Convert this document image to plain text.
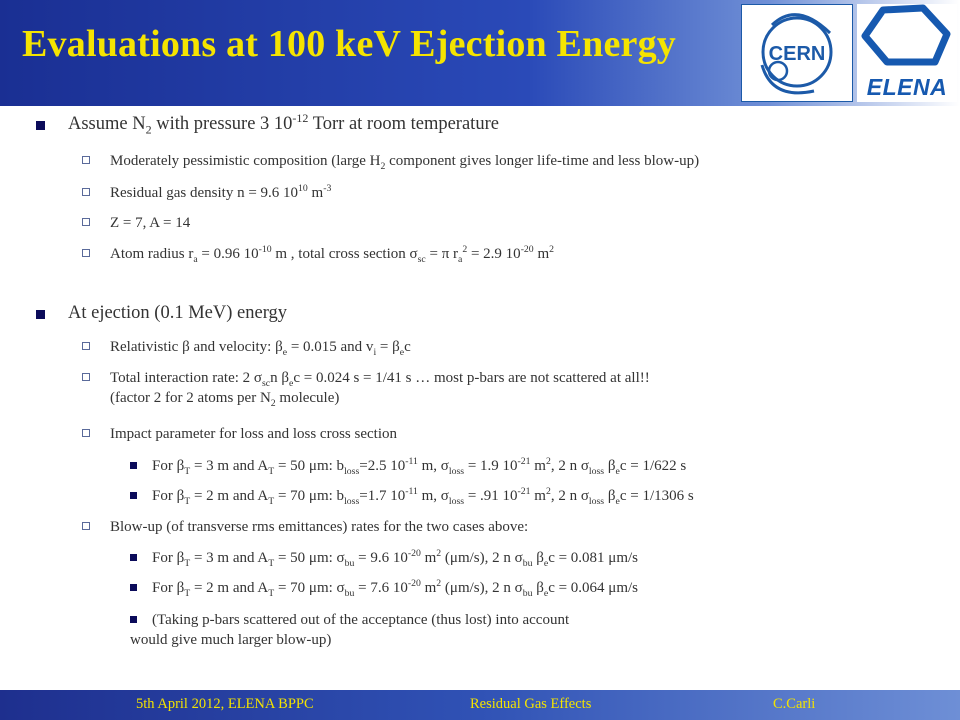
Evaluations at 100 keV Ejection Energy	CERN
ELENA
Assume $N_2$ with pressure 3 $10^{-12}$ Torr at room temperature
Moderately pessimistic composition (large $H_2$ component gives longer life-time and less blow-up)
Residual gas density n = 9.6 $10^{10}$ $m^{-3}$
Z = 7, A = 14
Atom radius $r_a = 0.96$ $10^{-10}$ m , total cross section $\sigma_{sc} = \pi$ $r_a^2 = 2.9$ $10^{-20}$ $m^2$
At ejection (0.1 MeV) energy
Relativistic β and velocity: $\beta_e = 0.015$ and $v_i = \beta_ec$
Total interaction rate: 2 $\sigma_{sc}n$ $\beta_ec = 0.024$ s = 1/41 s … most p-bars are not scattered at all!!
(factor 2 for 2 atoms per $N_2$ molecule)
Impact parameter for loss and loss cross section
For $\beta_T = 3$ m and $A_T = 50$ μm: $b_{loss}=2.5$ $10^{-11}$ m, $\sigma_{loss} = 1.9$ $10^{-21}$ $m^2$, 2 n $\sigma_{loss}$ $\beta_ec = 1/622$ s
For $\beta_T = 2$ m and $A_T = 70$ μm: $b_{loss}=1.7$ $10^{-11}$ m, $\sigma_{loss} = .91$ $10^{-21}$ $m^2$, 2 n $\sigma_{loss}$ $\beta_ec = 1/1306$ s
Blow-up (of transverse rms emittances) rates for the two cases above:
For $\beta_T = 3$ m and $A_T = 50$ μm: $\sigma_{bu} = 9.6$ $10^{-20}$ $m^2$ (μm/s), 2 n $\sigma_{bu}$ $\beta_ec = 0.081$ μm/s
For $\beta_T = 2$ m and $A_T = 70$ μm: $\sigma_{bu} = 7.6$ $10^{-20}$ $m^2$ (μm/s), 2 n $\sigma_{bu}$ $\beta_ec = 0.064$ μm/s
(Taking p-bars scattered out of the acceptance (thus lost) into account
would give much larger blow-up)
5th April 2012, ELENA BPPC	Residual Gas Effects	C.Carli
